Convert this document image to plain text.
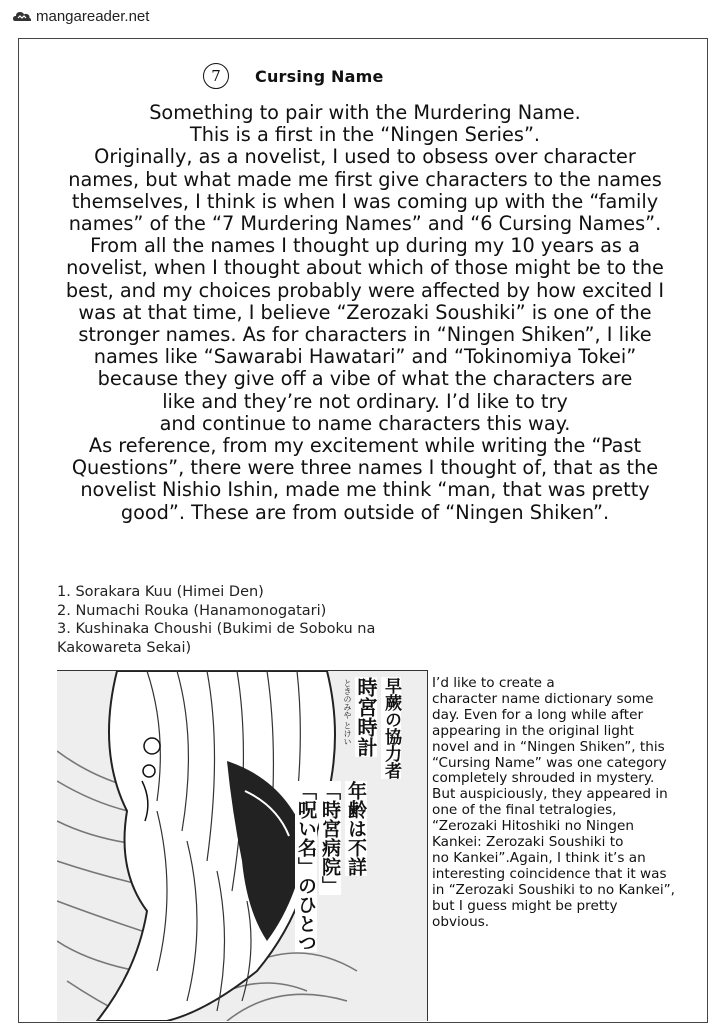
mangareader.net
7 Cursing Name
Something to pair with the Murdering Name.
This is a first in the “Ningen Series”.
Originally, as a novelist, I used to obsess over character
names, but what made me first give characters to the names
themselves, I think is when I was coming up with the “family
names” of the “7 Murdering Names” and “6 Cursing Names”.
From all the names I thought up during my 10 years as a
novelist, when I thought about which of those might be to the
best, and my choices probably were affected by how excited I
was at that time, I believe “Zerozaki Soushiki” is one of the
stronger names. As for characters in “Ningen Shiken”, I like
names like “Sawarabi Hawatari” and “Tokinomiya Tokei”
because they give off a vibe of what the characters are
like and they’re not ordinary. I’d like to try
and continue to name characters this way.
As reference, from my excitement while writing the “Past
Questions”, there were three names I thought of, that as the
novelist Nishio Ishin, made me think “man, that was pretty
good”. These are from outside of “Ningen Shiken”.
1. Sorakara Kuu (Himei Den)
2. Numachi Rouka (Hanamonogatari)
3. Kushinaka Choushi (Bukimi de Soboku na
Kakowareta Sekai)
ときのみや とけい 時宮時計 早蕨の協力者
「呪い名」のひとつ 「時宮病院」 年齢は不詳
I’d like to create a
character name dictionary some
day. Even for a long while after
appearing in the original light
novel and in “Ningen Shiken”, this
“Cursing Name” was one category
completely shrouded in mystery.
But auspiciously, they appeared in
one of the final tetralogies,
“Zerozaki Hitoshiki no Ningen
Kankei: Zerozaki Soushiki to
no Kankei”.Again, I think it’s an
interesting coincidence that it was
in “Zerozaki Soushiki to no Kankei”,
but I guess might be pretty
obvious.
